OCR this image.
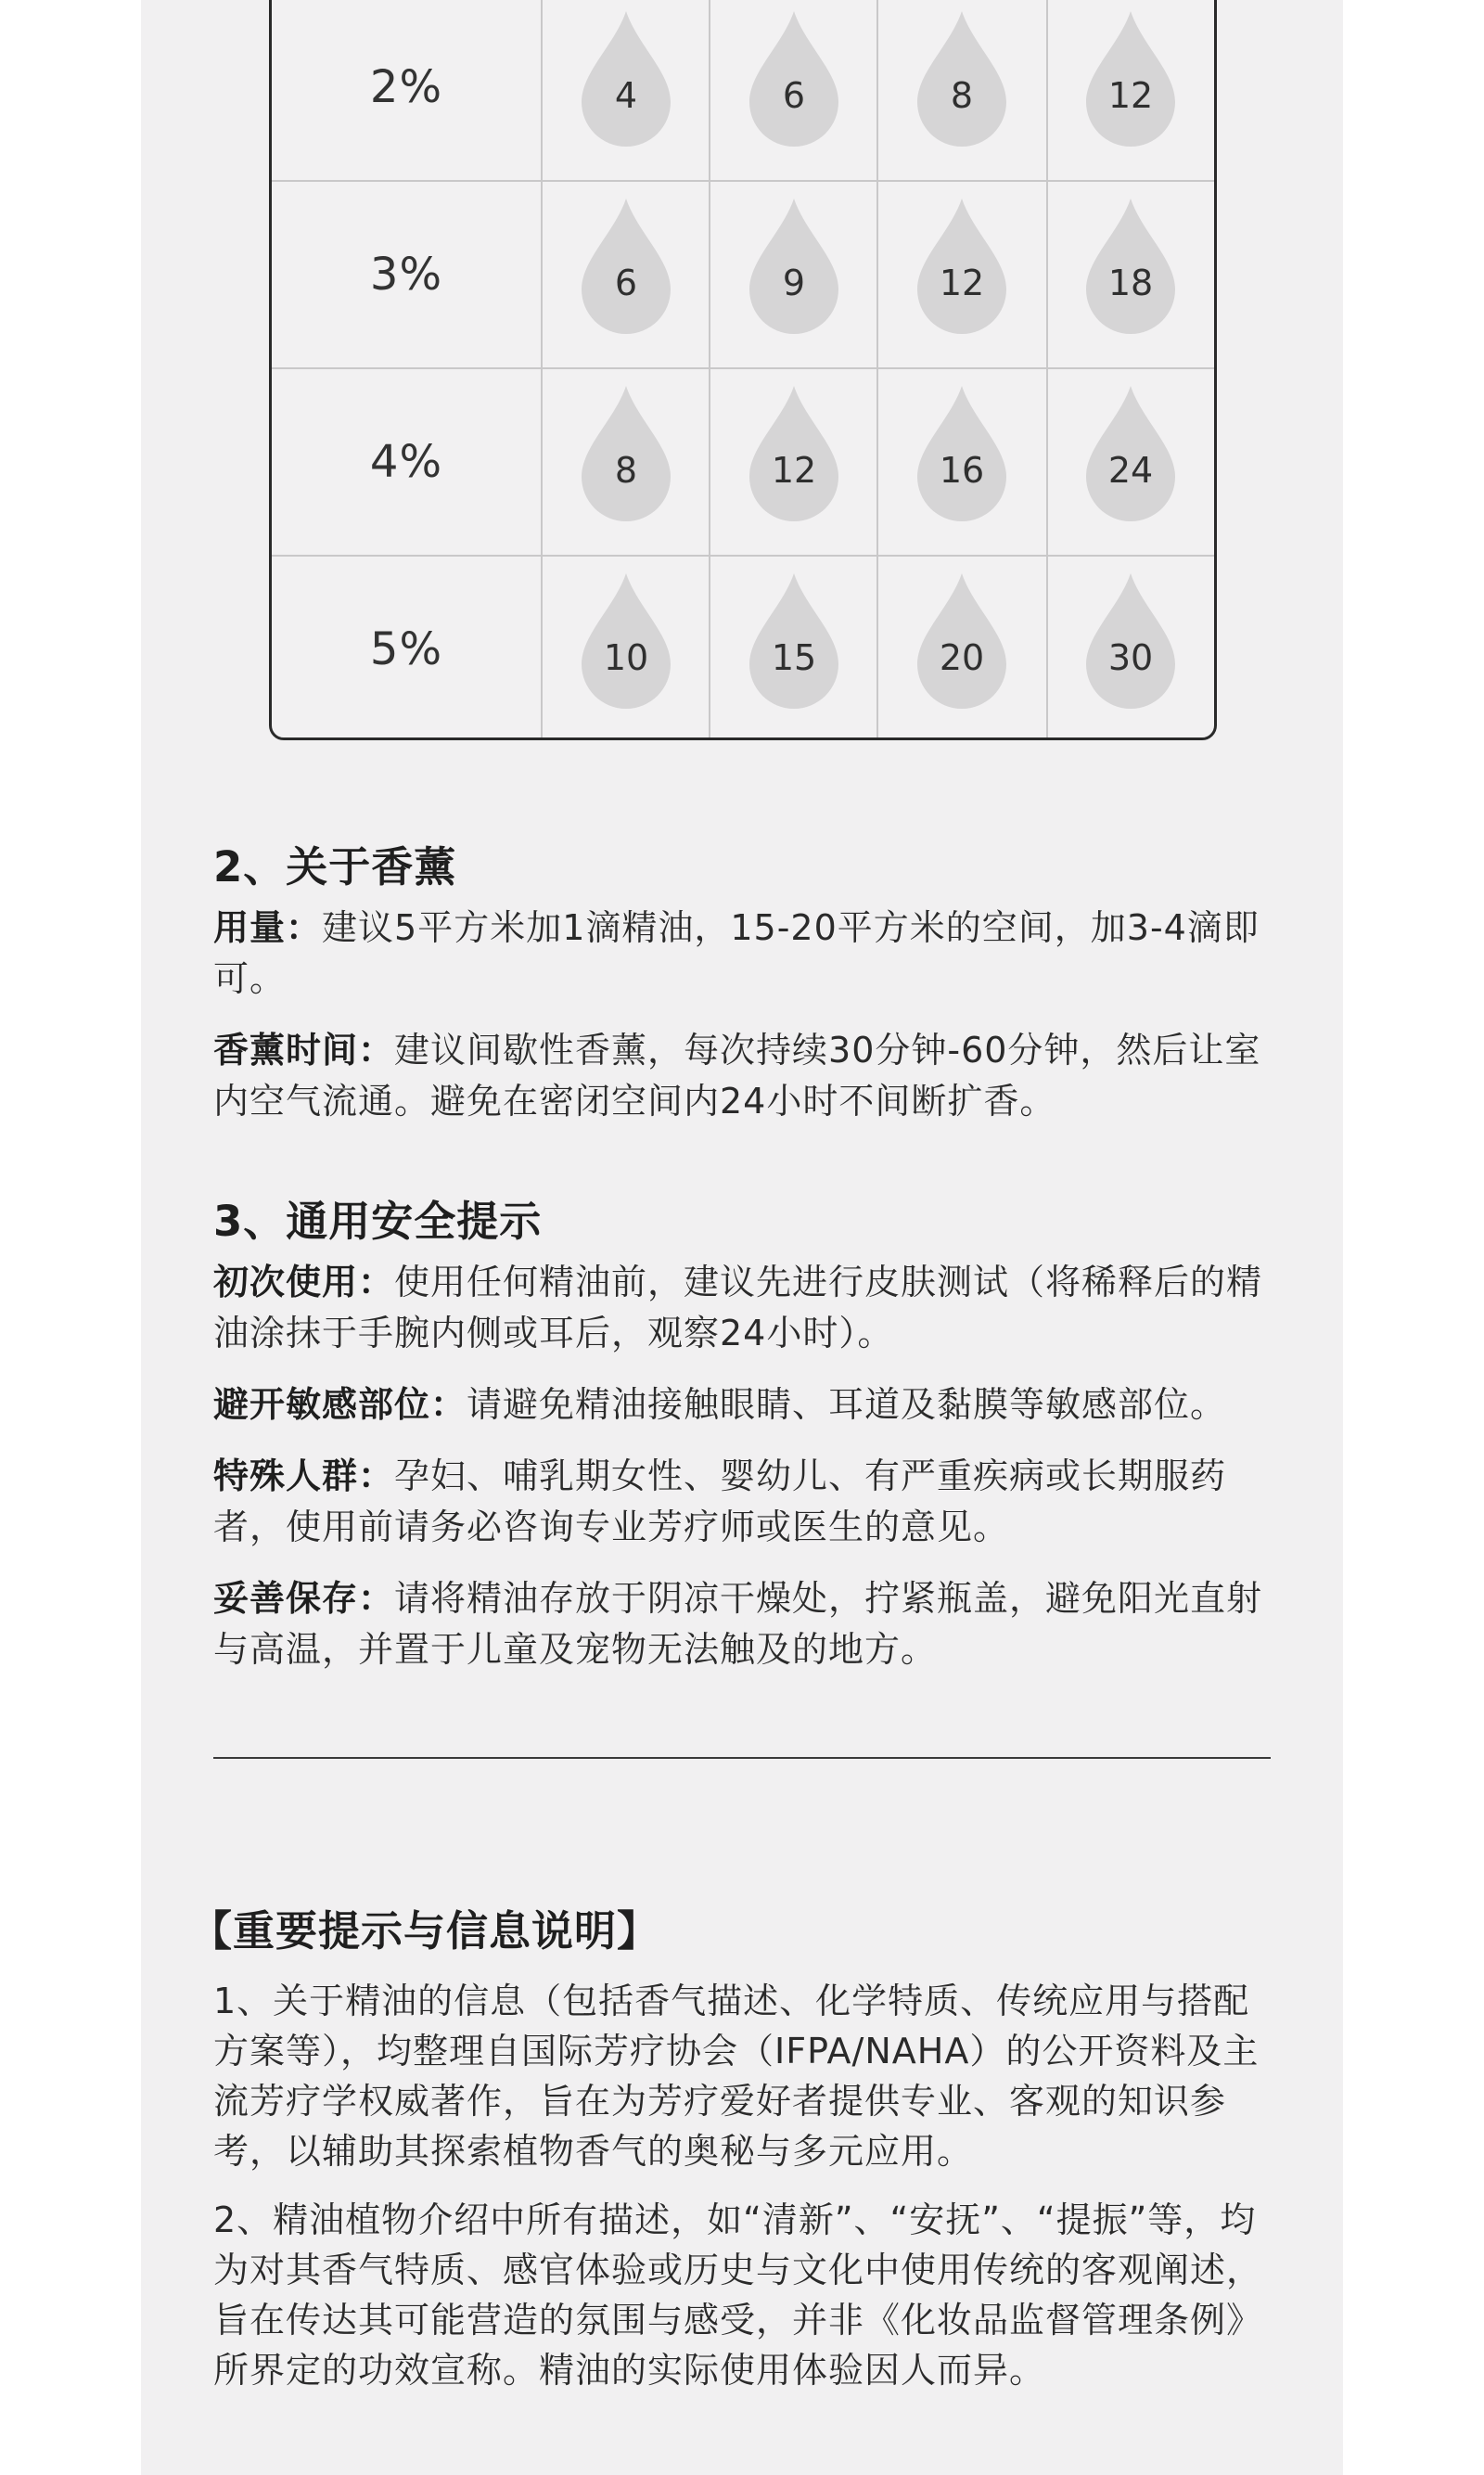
2%	4	6	8	12
3%	6	9	12	18
4%	8	12	16	24
5%	10	15	20	30
2、关于香薰

用量：建议5平方米加1滴精油，15-20平方米的空间，加3-4滴即可。

香薰时间：建议间歇性香薰，每次持续30分钟-60分钟，然后让室内空气流通。避免在密闭空间内24小时不间断扩香。

3、通用安全提示

初次使用：使用任何精油前，建议先进行皮肤测试（将稀释后的精油涂抹于手腕内侧或耳后，观察24小时）。

避开敏感部位：请避免精油接触眼睛、耳道及黏膜等敏感部位。

特殊人群：孕妇、哺乳期女性、婴幼儿、有严重疾病或长期服药者，使用前请务必咨询专业芳疗师或医生的意见。

妥善保存：请将精油存放于阴凉干燥处，拧紧瓶盖，避免阳光直射与高温，并置于儿童及宠物无法触及的地方。

【重要提示与信息说明】

1、关于精油的信息（包括香气描述、化学特质、传统应用与搭配方案等），均整理自国际芳疗协会（IFPA/NAHA）的公开资料及主流芳疗学权威著作，旨在为芳疗爱好者提供专业、客观的知识参考，以辅助其探索植物香气的奥秘与多元应用。

2、精油植物介绍中所有描述，如“清新”、“安抚”、“提振”等，均为对其香气特质、感官体验或历史与文化中使用传统的客观阐述，旨在传达其可能营造的氛围与感受，并非《化妆品监督管理条例》所界定的功效宣称。精油的实际使用体验因人而异。
